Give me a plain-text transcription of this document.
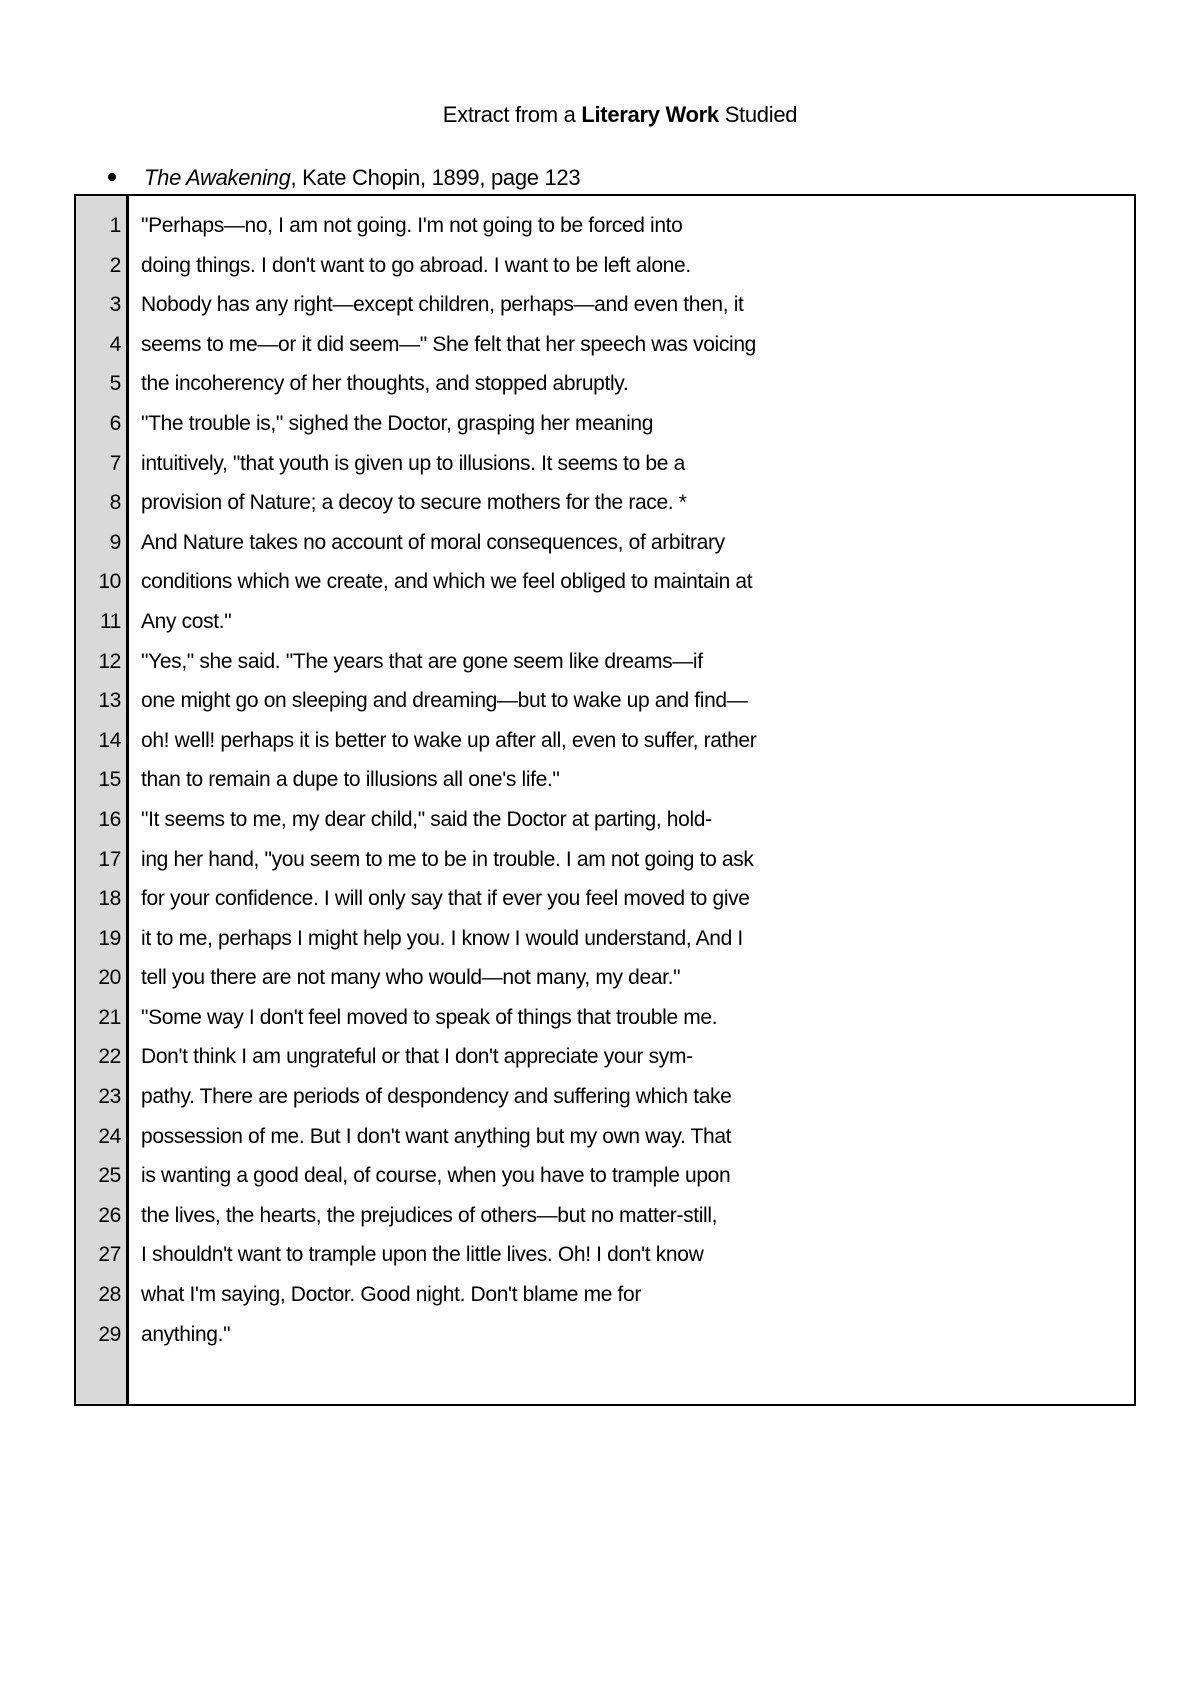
Extract from a Literary Work Studied
The Awakening, Kate Chopin, 1899, page 123
1 "Perhaps—no, I am not going. I'm not going to be forced into
2 doing things. I don't want to go abroad. I want to be left alone.
3 Nobody has any right—except children, perhaps—and even then, it
4 seems to me—or it did seem—" She felt that her speech was voicing
5 the incoherency of her thoughts, and stopped abruptly.
6 "The trouble is," sighed the Doctor, grasping her meaning
7 intuitively, "that youth is given up to illusions. It seems to be a
8 provision of Nature; a decoy to secure mothers for the race. *
9 And Nature takes no account of moral consequences, of arbitrary
10 conditions which we create, and which we feel obliged to maintain at
11 Any cost."
12 "Yes," she said. "The years that are gone seem like dreams—if
13 one might go on sleeping and dreaming—but to wake up and find—
14 oh! well! perhaps it is better to wake up after all, even to suffer, rather
15 than to remain a dupe to illusions all one's life."
16 "It seems to me, my dear child," said the Doctor at parting, hold-
17 ing her hand, "you seem to me to be in trouble. I am not going to ask
18 for your confidence. I will only say that if ever you feel moved to give
19 it to me, perhaps I might help you. I know I would understand, And I
20 tell you there are not many who would—not many, my dear."
21 "Some way I don't feel moved to speak of things that trouble me.
22 Don't think I am ungrateful or that I don't appreciate your sym-
23 pathy. There are periods of despondency and suffering which take
24 possession of me. But I don't want anything but my own way. That
25 is wanting a good deal, of course, when you have to trample upon
26 the lives, the hearts, the prejudices of others—but no matter-still,
27 I shouldn't want to trample upon the little lives. Oh! I don't know
28 what I'm saying, Doctor. Good night. Don't blame me for
29 anything."
